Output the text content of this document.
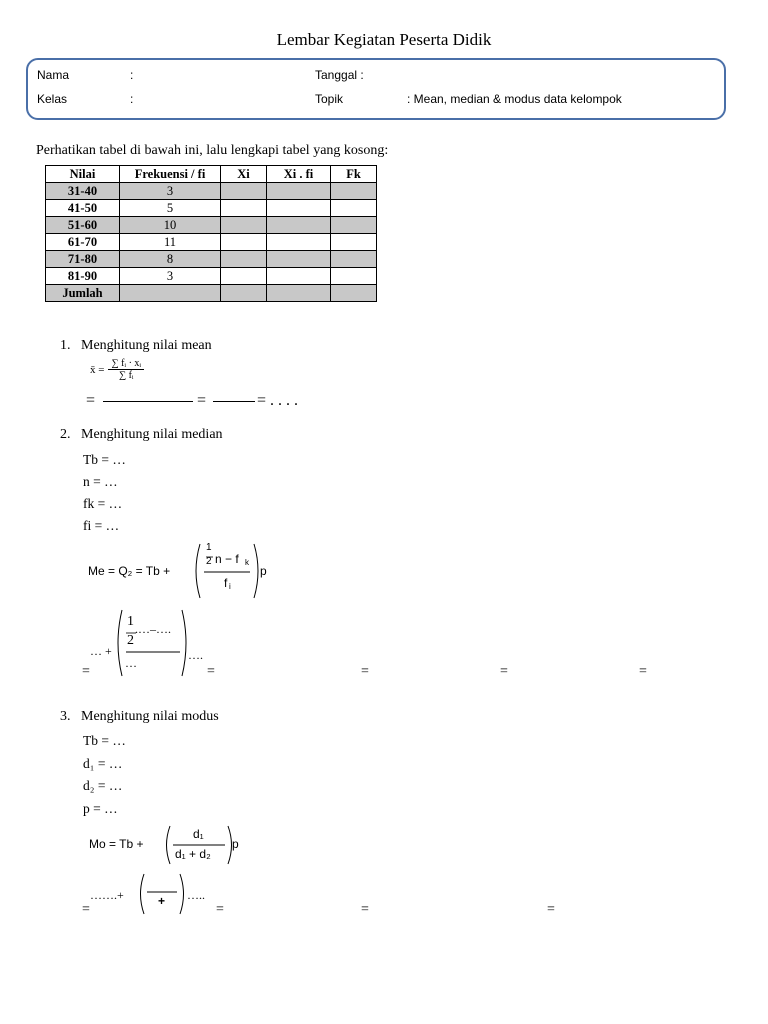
Lembar Kegiatan Peserta Didik
Nama	:
Kelas	:
Tanggal :
Topik	: Mean, median & modus data kelompok
Perhatikan tabel di bawah ini, lalu lengkapi tabel yang kosong:
Nilai	Frekuensi / fi	Xi	Xi . fi	Fk
31-40	3			
41-50	5			
51-60	10			
61-70	11			
71-80	8			
81-90	3			
Jumlah				
1.   Menghitung nilai mean
x̄ = $\frac{\text{∑ fᵢ · xᵢ}}{\text{∑ fᵢ}}$
=	=	= . . . .
2.   Menghitung nilai median
Tb = …
n = …
fk = …
fi = …
Me = Q₂ = Tb +
1
2 n − f k
f i
p
… +
1
2
.…–….
…
….
=	=	=	=	=
3.   Menghitung nilai modus
Tb = …
d₁ = …
d₂ = …
p = …
Mo = Tb +
d₁
d₁ + d₂
p
…….+	+ …..
=	=	=	=
